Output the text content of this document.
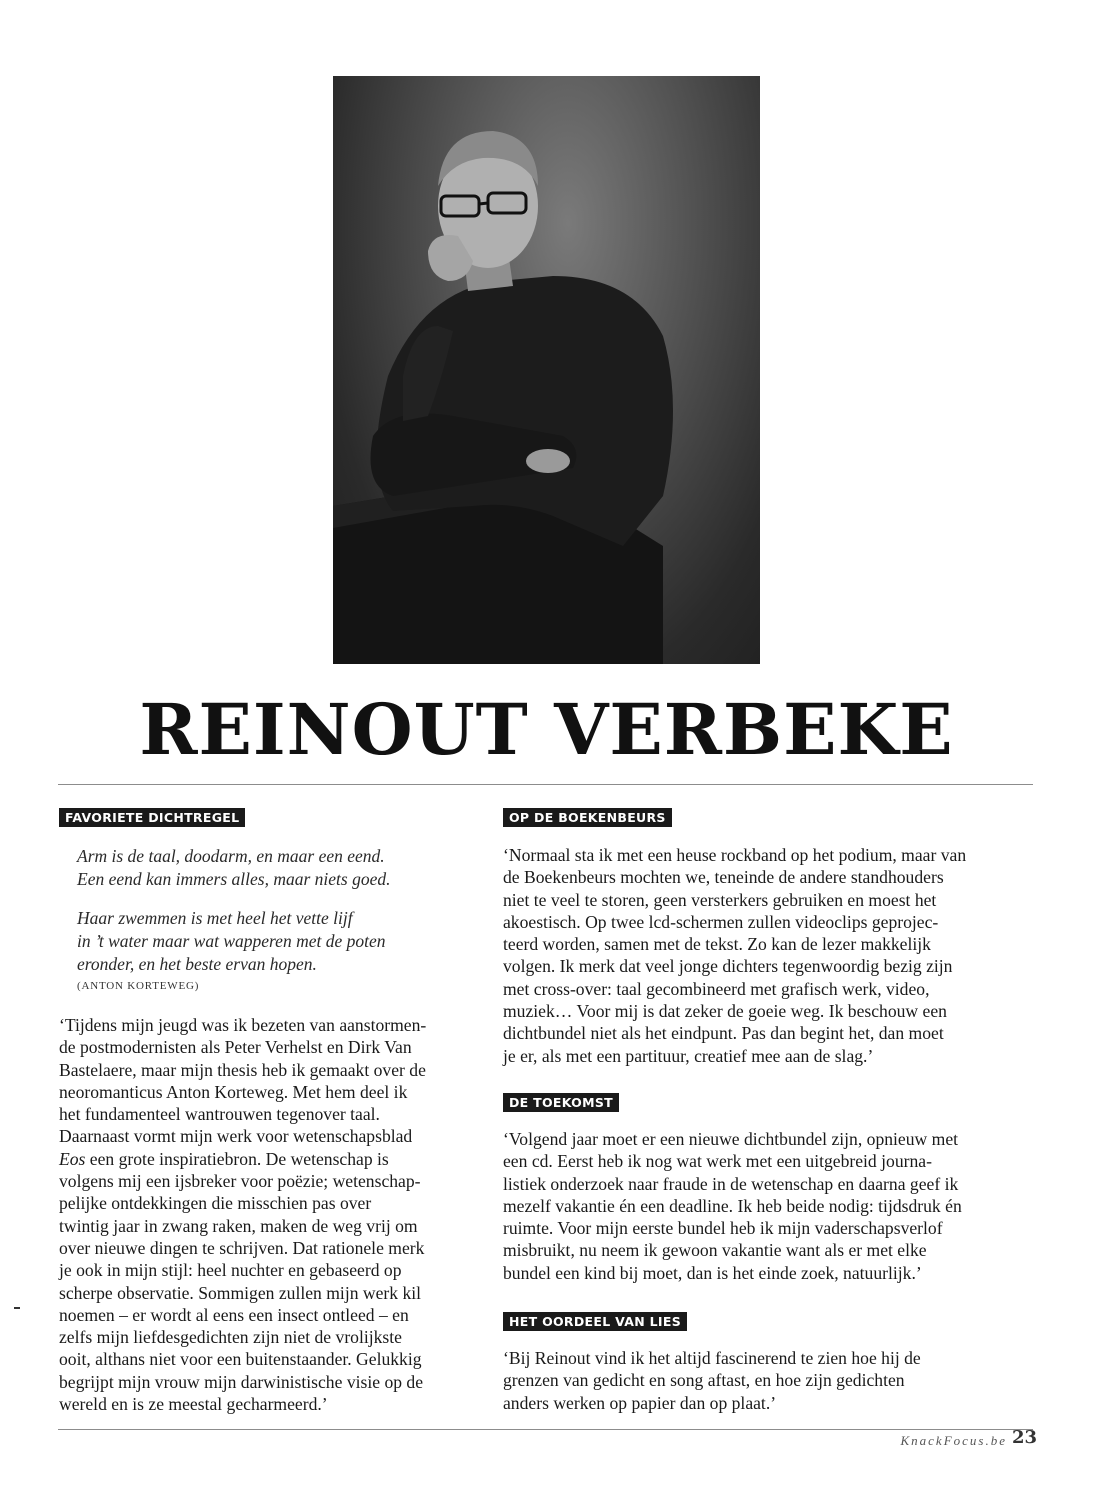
REINOUT VERBEKE
FAVORIETE DICHTREGEL

Arm is de taal, doodarm, en maar een eend.
Een eend kan immers alles, maar niets goed.

Haar zwemmen is met heel het vette lijf
in ’t water maar wat wapperen met de poten
eronder, en het beste ervan hopen.

(ANTON KORTEWEG)

‘Tijdens mijn jeugd was ik bezeten van aanstormen-
de postmodernisten als Peter Verhelst en Dirk Van
Bastelaere, maar mijn thesis heb ik gemaakt over de
neoromanticus Anton Korteweg. Met hem deel ik
het fundamenteel wantrouwen tegenover taal.
Daarnaast vormt mijn werk voor wetenschapsblad
Eos een grote inspiratiebron. De wetenschap is
volgens mij een ijsbreker voor poëzie; wetenschap-
pelijke ontdekkingen die misschien pas over
twintig jaar in zwang raken, maken de weg vrij om
over nieuwe dingen te schrijven. Dat rationele merk
je ook in mijn stijl: heel nuchter en gebaseerd op
scherpe observatie. Sommigen zullen mijn werk kil
noemen – er wordt al eens een insect ontleed – en
zelfs mijn liefdesgedichten zijn niet de vrolijkste
ooit, althans niet voor een buitenstaander. Gelukkig
begrijpt mijn vrouw mijn darwinistische visie op de
wereld en is ze meestal gecharmeerd.’

OP DE BOEKENBEURS

‘Normaal sta ik met een heuse rockband op het podium, maar van
de Boekenbeurs mochten we, teneinde de andere standhouders
niet te veel te storen, geen versterkers gebruiken en moest het
akoestisch. Op twee lcd-schermen zullen videoclips geprojec-
teerd worden, samen met de tekst. Zo kan de lezer makkelijk
volgen. Ik merk dat veel jonge dichters tegenwoordig bezig zijn
met cross-over: taal gecombineerd met grafisch werk, video,
muziek… Voor mij is dat zeker de goeie weg. Ik beschouw een
dichtbundel niet als het eindpunt. Pas dan begint het, dan moet
je er, als met een partituur, creatief mee aan de slag.’

DE TOEKOMST

‘Volgend jaar moet er een nieuwe dichtbundel zijn, opnieuw met
een cd. Eerst heb ik nog wat werk met een uitgebreid journa-
listiek onderzoek naar fraude in de wetenschap en daarna geef ik
mezelf vakantie én een deadline. Ik heb beide nodig: tijdsdruk én
ruimte. Voor mijn eerste bundel heb ik mijn vaderschapsverlof
misbruikt, nu neem ik gewoon vakantie want als er met elke
bundel een kind bij moet, dan is het einde zoek, natuurlijk.’

HET OORDEEL VAN LIES

‘Bij Reinout vind ik het altijd fascinerend te zien hoe hij de
grenzen van gedicht en song aftast, en hoe zijn gedichten
anders werken op papier dan op plaat.’

KnackFocus.be 23
